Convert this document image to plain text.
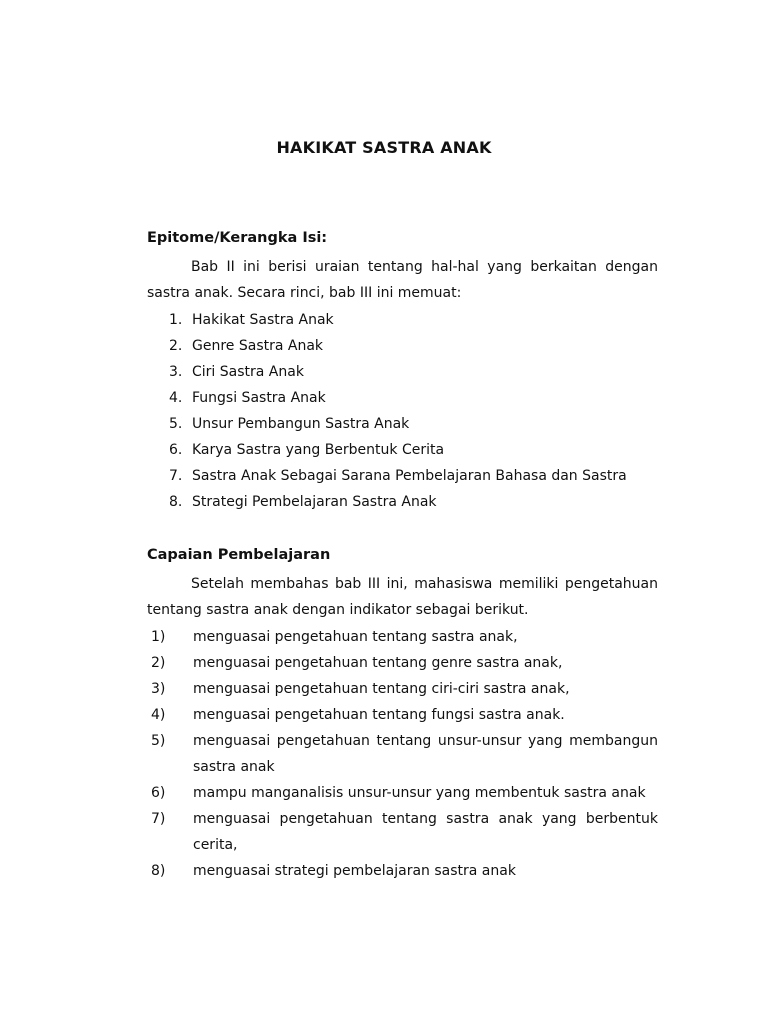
HAKIKAT SASTRA ANAK
Epitome/Kerangka Isi:

Bab II ini berisi uraian tentang hal-hal yang berkaitan dengan sastra anak. Secara rinci, bab III ini memuat:

1. Hakikat Sastra Anak
2. Genre Sastra Anak
3. Ciri Sastra Anak
4. Fungsi Sastra Anak
5. Unsur Pembangun Sastra Anak
6. Karya Sastra yang Berbentuk Cerita
7. Sastra Anak Sebagai Sarana Pembelajaran Bahasa dan Sastra
8. Strategi Pembelajaran Sastra Anak
Capaian Pembelajaran

Setelah membahas bab III ini, mahasiswa memiliki pengetahuan tentang sastra anak dengan indikator sebagai berikut.

1) menguasai pengetahuan tentang sastra anak,
2) menguasai pengetahuan tentang genre sastra anak,
3) menguasai pengetahuan tentang ciri-ciri sastra anak,
4) menguasai pengetahuan tentang fungsi sastra anak.
5) menguasai pengetahuan tentang unsur-unsur yang membangun sastra anak
6) mampu manganalisis unsur-unsur yang membentuk sastra anak
7) menguasai pengetahuan tentang sastra anak yang berbentuk cerita,
8) menguasai strategi pembelajaran sastra anak
